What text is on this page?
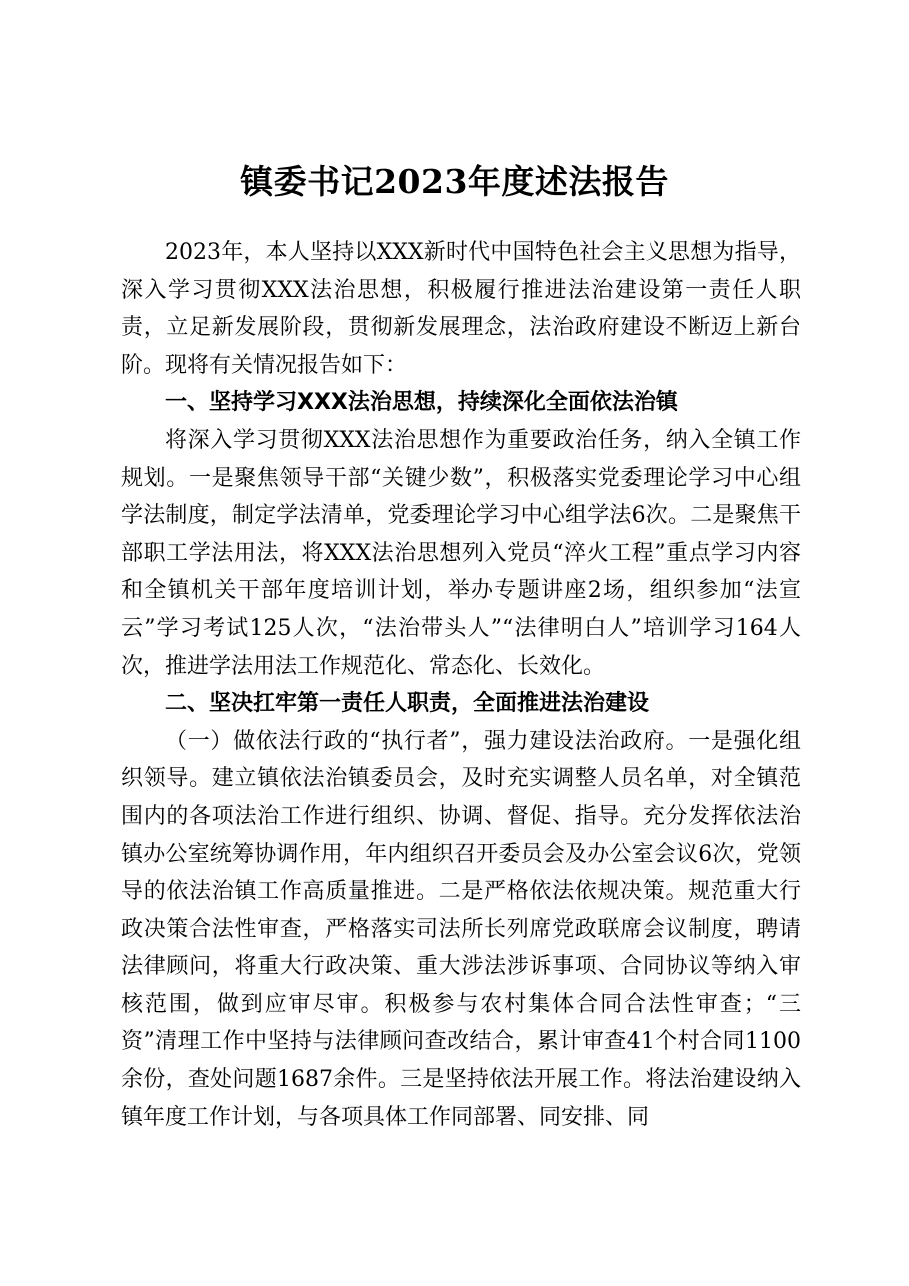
镇委书记2023年度述法报告

2023年，本人坚持以XXX新时代中国特色社会主义思想为指导，深入学习贯彻XXX法治思想，积极履行推进法治建设第一责任人职责，立足新发展阶段，贯彻新发展理念，法治政府建设不断迈上新台阶。现将有关情况报告如下：

一、坚持学习XXX法治思想，持续深化全面依法治镇

将深入学习贯彻XXX法治思想作为重要政治任务，纳入全镇工作规划。一是聚焦领导干部“关键少数”，积极落实党委理论学习中心组学法制度，制定学法清单，党委理论学习中心组学法6次。二是聚焦干部职工学法用法，将XXX法治思想列入党员“淬火工程”重点学习内容和全镇机关干部年度培训计划，举办专题讲座2场，组织参加“法宣云”学习考试125人次，“法治带头人”“法律明白人”培训学习164人次，推进学法用法工作规范化、常态化、长效化。

二、坚决扛牢第一责任人职责，全面推进法治建设

（一）做依法行政的“执行者”，强力建设法治政府。一是强化组织领导。建立镇依法治镇委员会，及时充实调整人员名单，对全镇范围内的各项法治工作进行组织、协调、督促、指导。充分发挥依法治镇办公室统筹协调作用，年内组织召开委员会及办公室会议6次，党领导的依法治镇工作高质量推进。二是严格依法依规决策。规范重大行政决策合法性审查，严格落实司法所长列席党政联席会议制度，聘请法律顾问，将重大行政决策、重大涉法涉诉事项、合同协议等纳入审核范围，做到应审尽审。积极参与农村集体合同合法性审查；“三资”清理工作中坚持与法律顾问查改结合，累计审查41个村合同1100余份，查处问题1687余件。三是坚持依法开展工作。将法治建设纳入镇年度工作计划，与各项具体工作同部署、同安排、同
